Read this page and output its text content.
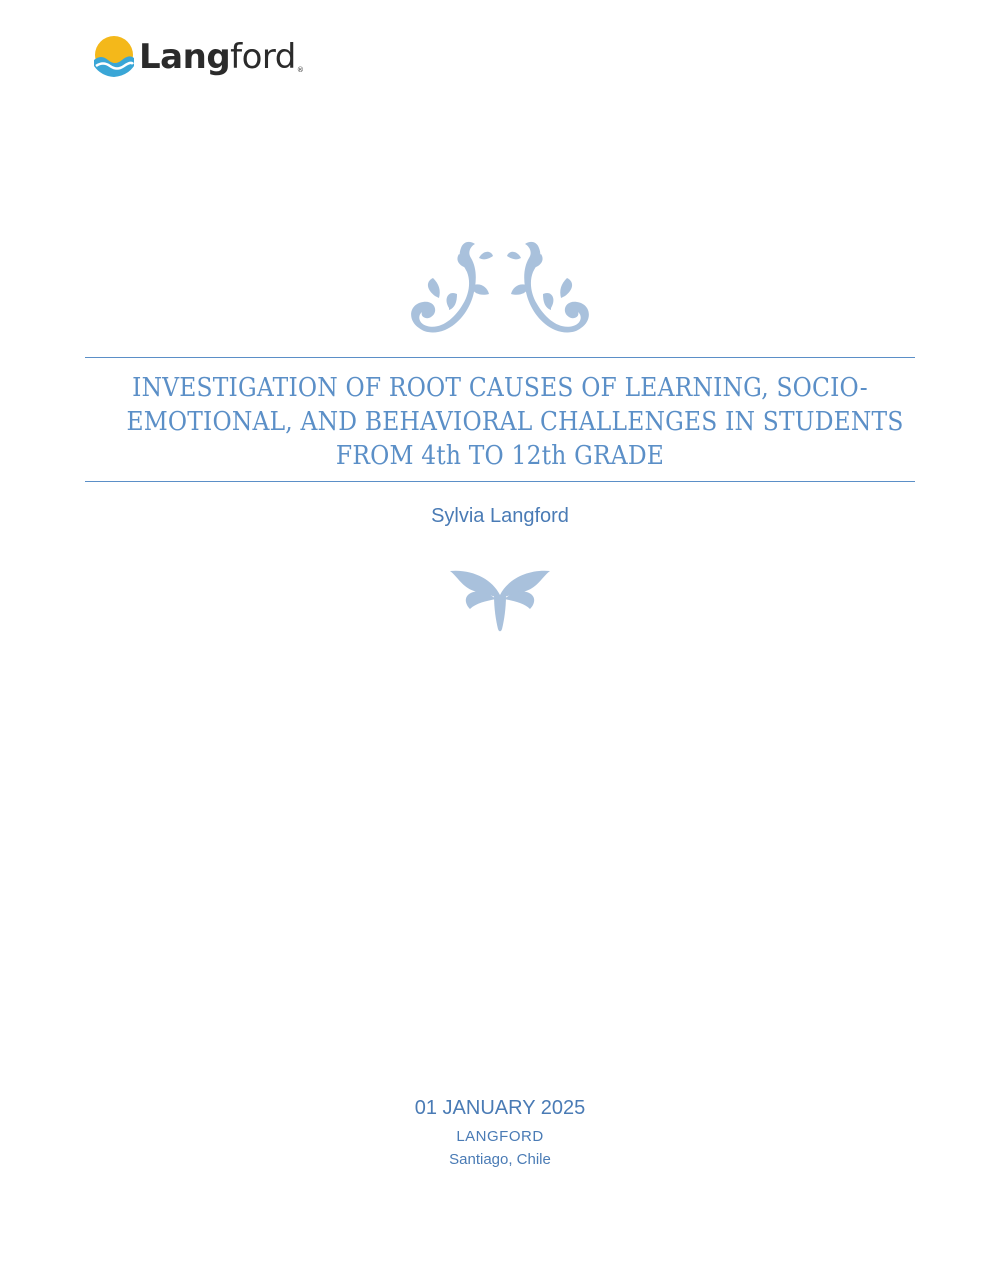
Langford®
INVESTIGATION OF ROOT CAUSES OF LEARNING, SOCIO-
EMOTIONAL, AND BEHAVIORAL CHALLENGES IN STUDENTS
FROM 4th TO 12th GRADE
Sylvia Langford
01 JANUARY 2025
LANGFORD
Santiago, Chile
